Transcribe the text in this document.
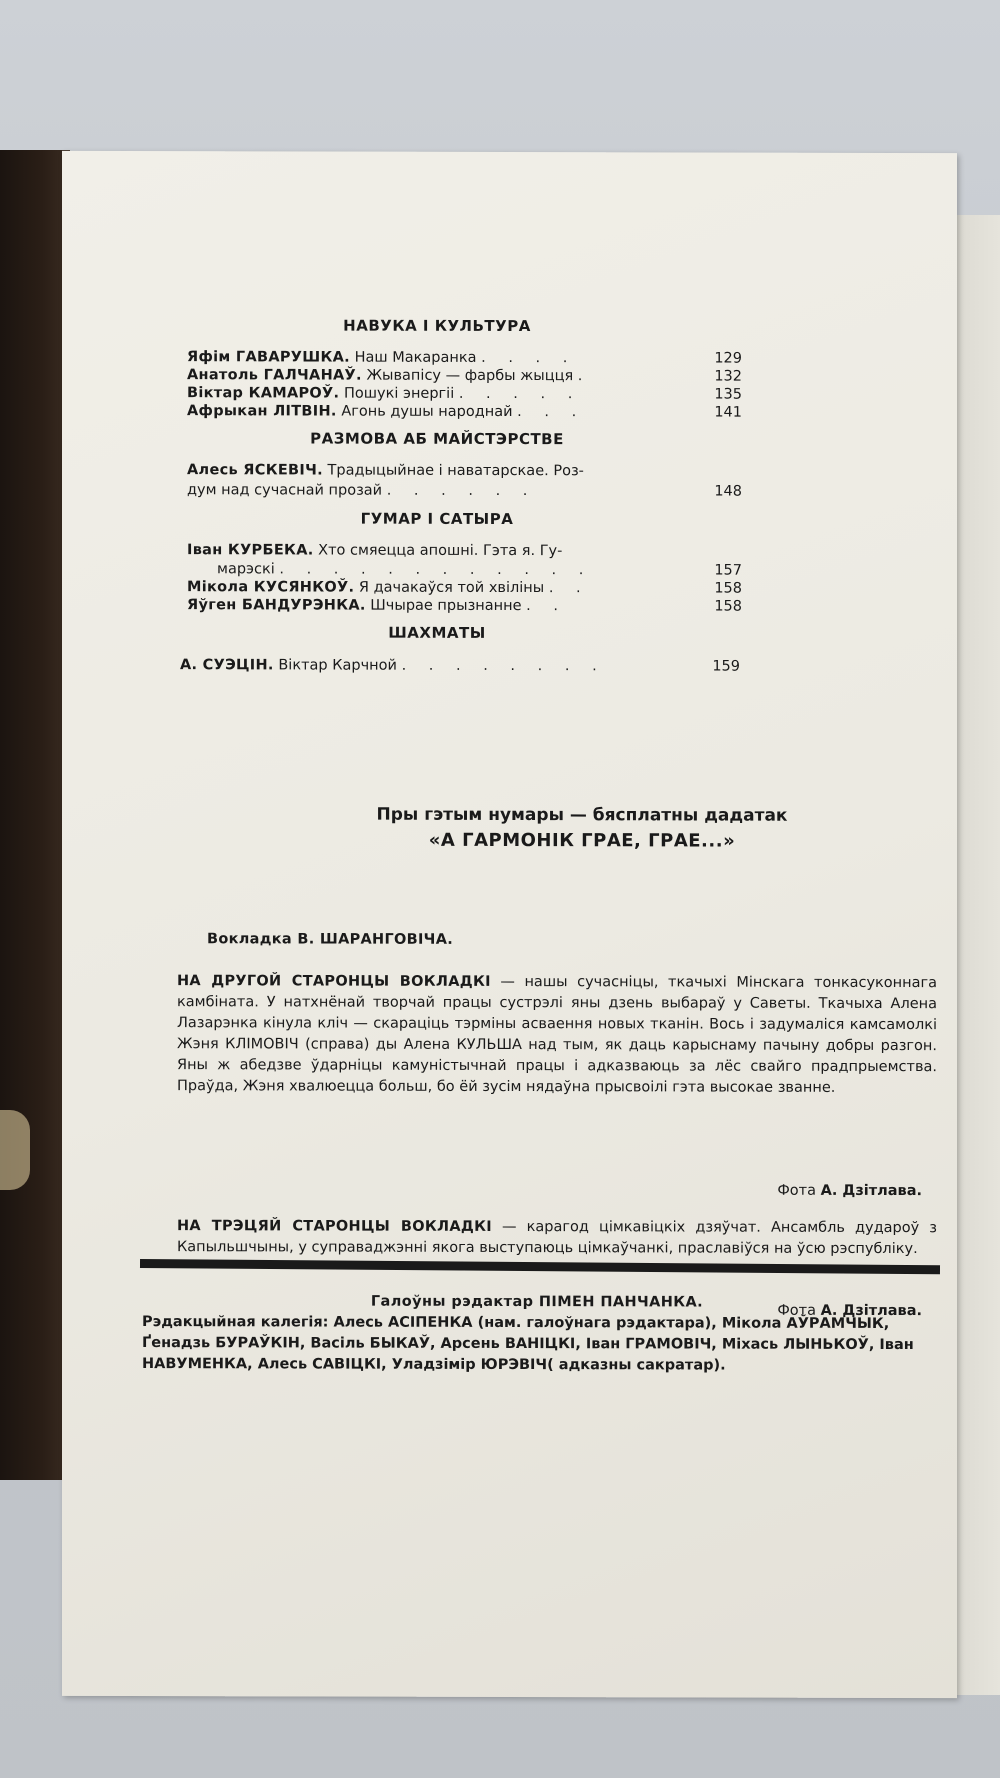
НАВУКА І КУЛЬТУРА
Яфім ГАВАРУШКА. Наш Макаранка . . . .	129
Анатоль ГАЛЧАНАЎ. Жывапісу — фарбы жыцця .	132
Віктар КАМАРОЎ. Пошукі энергіі . . . . .	135
Афрыкан ЛІТВІН. Агонь душы народнай . . .	141
РАЗМОВА АБ МАЙСТЭРСТВЕ
Алесь ЯСКЕВІЧ. Традыцыйнае і наватарскае. Роз-
дум над сучаснай прозай . . . . . .	148
ГУМАР І САТЫРА
Іван КУРБЕКА. Хто смяецца апошні. Гэта я. Гу-
марэскі . . . . . . . . . . . .	157
Мікола КУСЯНКОЎ. Я дачакаўся той хвіліны . .	158
Яўген БАНДУРЭНКА. Шчырае прызнанне . .	158
ШАХМАТЫ
А. СУЭЦІН. Віктар Карчной . . . . . . . .	159
Пры гэтым нумары — бясплатны дадатак
«А ГАРМОНІК ГРАЕ, ГРАЕ...»
Вокладка В. ШАРАНГОВІЧА.
НА ДРУГОЙ СТАРОНЦЫ ВОКЛАДКІ — нашы сучасніцы, ткачыхі Мінскага тонкасуконнага камбіната. У натхнёнай творчай працы сустрэлі яны дзень выбараў у Саветы. Ткачыха Алена Лазарэнка кінула клiч — скарацiць тэрміны асваення новых тканін. Вось і задумаліся камсамолкі Жэня КЛІМОВІЧ (справа) ды Алена КУЛЬША над тым, як даць карыснаму пачыну добры разгон. Яны ж абедзве ўдарніцы камуністычнай працы і адказваюць за лёс свайго прадпрыемства. Праўда, Жэня хвалюецца больш, бо ёй зусім нядаўна прысвоілі гэта высокае званне.
Фота А. Дзітлава.
НА ТРЭЦЯЙ СТАРОНЦЫ ВОКЛАДКІ — карагод цімкавіцкіх дзяўчат. Ансамбль дудароў з Капыльшчыны, у суправаджэнні якога выступаюць цімкаўчанкі, праславіўся на ўсю рэспубліку.
Фота А. Дзітлава.
Галоўны рэдактар ПІМЕН ПАНЧАНКА.
Рэдакцыйная калегія: Алесь АСІПЕНКА (нам. галоўнага рэдактара), Мікола АЎРАМЧЫК, Ґенадзь БУРАЎКІН, Васіль БЫКАЎ, Арсень ВАНІЦКІ, Іван ГРАМОВІЧ, Міхась ЛЫНЬКОЎ, Іван НАВУМЕНКА, Алесь САВІЦКІ, Уладзімір ЮРЭВІЧ( адказны сакратар).
